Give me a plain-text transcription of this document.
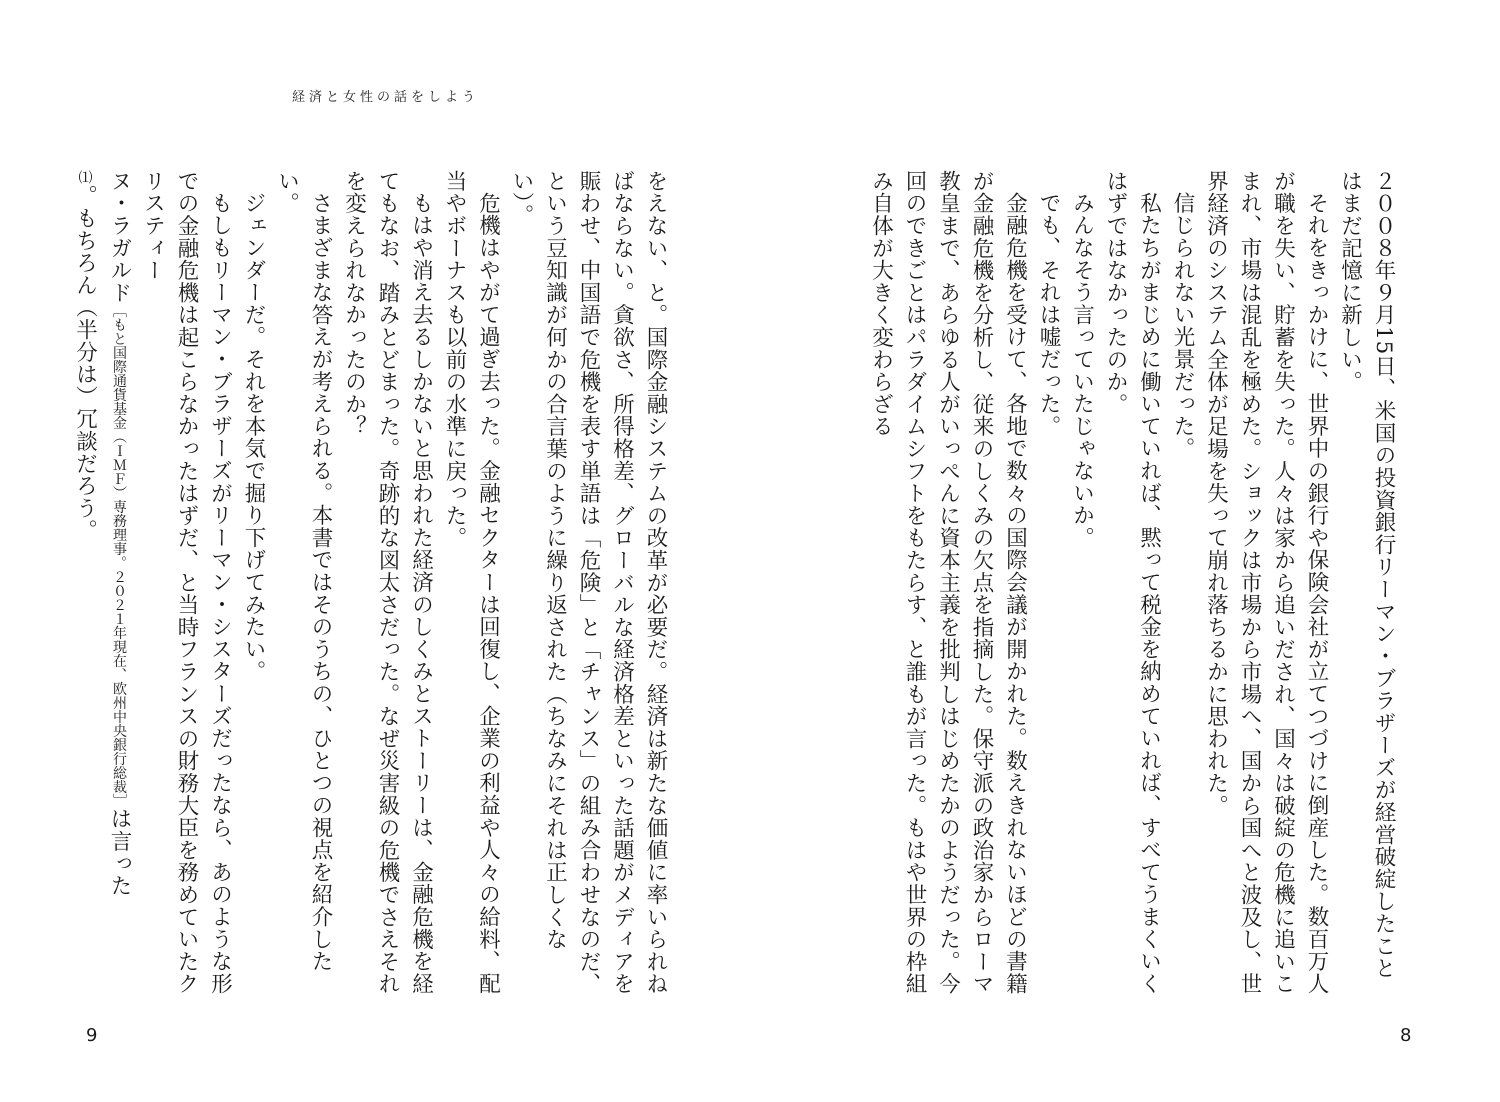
経済と女性の話をしよう

２００８年９月15日、米国の投資銀行リーマン・ブラザーズが経営破綻したことはまだ記憶に新しい。

それをきっかけに、世界中の銀行や保険会社が立てつづけに倒産した。数百万人が職を失い、貯蓄を失った。人々は家から追いだされ、国々は破綻の危機に追いこまれ、市場は混乱を極めた。ショックは市場から市場へ、国から国へと波及し、世界経済のシステム全体が足場を失って崩れ落ちるかに思われた。

信じられない光景だった。

私たちがまじめに働いていれば、黙って税金を納めていれば、すべてうまくいくはずではなかったのか。

みんなそう言っていたじゃないか。

でも、それは嘘だった。

金融危機を受けて、各地で数々の国際会議が開かれた。数えきれないほどの書籍が金融危機を分析し、従来のしくみの欠点を指摘した。保守派の政治家からローマ教皇まで、あらゆる人がいっぺんに資本主義を批判しはじめたかのようだった。今回のできごとはパラダイムシフトをもたらす、と誰もが言った。もはや世界の枠組み自体が大きく変わらざる

をえない、と。国際金融システムの改革が必要だ。経済は新たな価値に率いられねばならない。貪欲さ、所得格差、グローバルな経済格差といった話題がメディアを賑わせ、中国語で危機を表す単語は「危険」と「チャンス」の組み合わせなのだ、という豆知識が何かの合言葉のように繰り返された（ちなみにそれは正しくない）。

危機はやがて過ぎ去った。金融セクターは回復し、企業の利益や人々の給料、配当やボーナスも以前の水準に戻った。

もはや消え去るしかないと思われた経済のしくみとストーリーは、金融危機を経てもなお、踏みとどまった。奇跡的な図太さだった。なぜ災害級の危機でさえそれを変えられなかったのか？

さまざまな答えが考えられる。本書ではそのうちの、ひとつの視点を紹介したい。

ジェンダーだ。それを本気で掘り下げてみたい。

もしもリーマン・ブラザーズがリーマン・シスターズだったなら、あのような形での金融危機は起こらなかったはずだ、と当時フランスの財務大臣を務めていたクリスティー

ヌ・ラガルド［もと国際通貨基金（ＩＭＦ）専務理事。２０２１年現在、欧州中央銀行総裁］は言った

⑴。もちろん（半分は）冗談だろう。

9	8
